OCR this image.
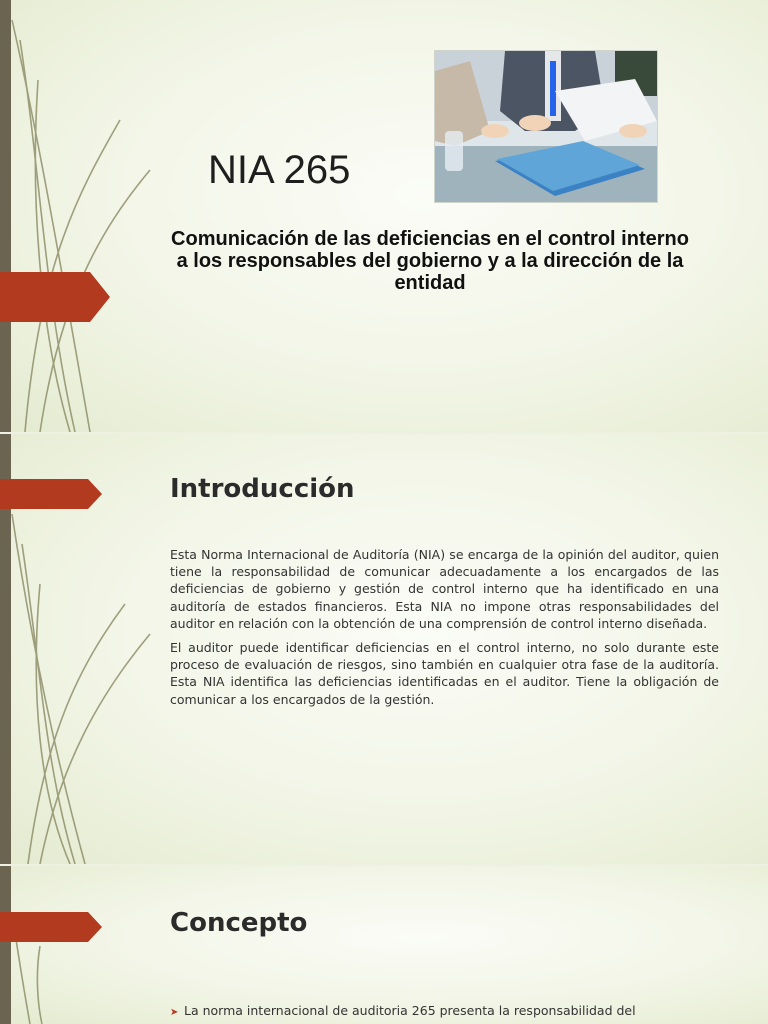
NIA 265

Comunicación de las deficiencias en el control interno a los responsables del gobierno y a la dirección de la entidad

Introducción

Esta Norma Internacional de Auditoría (NIA) se encarga de la opinión del auditor, quien tiene la responsabilidad de comunicar adecuadamente a los encargados de las deficiencias de gobierno y gestión de control interno que ha identificado en una auditoría de estados financieros. Esta NIA no impone otras responsabilidades del auditor en relación con la obtención de una comprensión de control interno diseñada.

El auditor puede identificar deficiencias en el control interno, no solo durante este proceso de evaluación de riesgos, sino también en cualquier otra fase de la auditoría. Esta NIA identifica las deficiencias identificadas en el auditor. Tiene la obligación de comunicar a los encargados de la gestión.

Concepto
➤ La norma internacional de auditoria 265 presenta la responsabilidad del
